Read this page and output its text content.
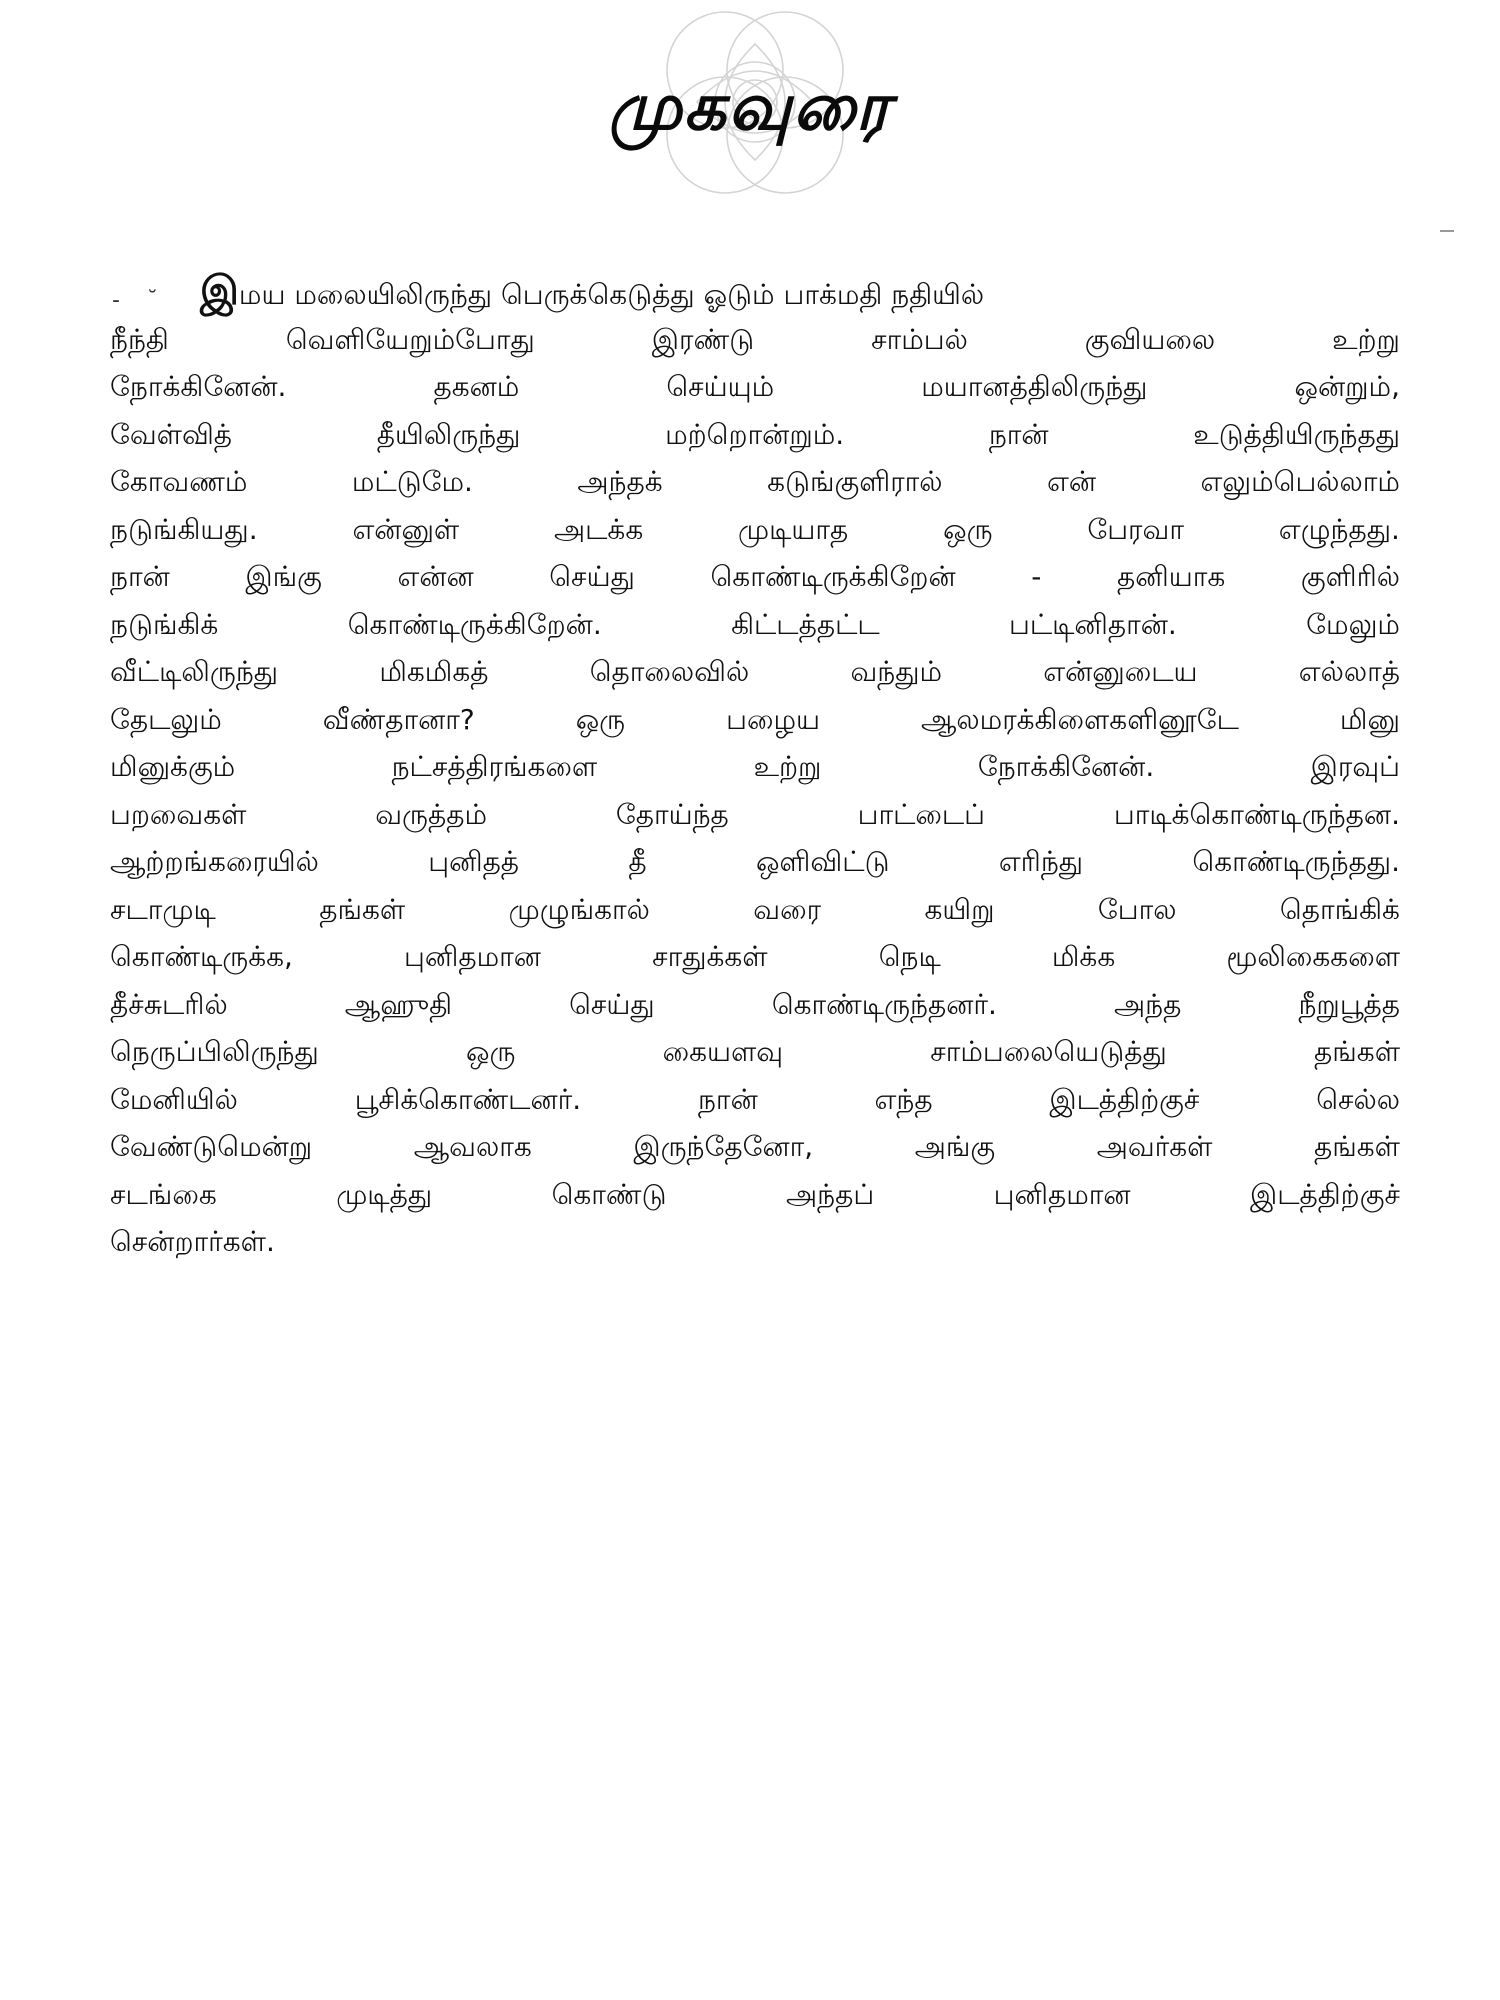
முகவுரை
- ˘ இமய மலையிலிருந்து பெருக்கெடுத்து ஓடும் பாக்மதி நதியில்
நீந்தி	வெளியேறும்போது	இரண்டு	சாம்பல்	குவியலை	உற்று
நோக்கினேன்.	தகனம்	செய்யும்	மயானத்திலிருந்து	ஒன்றும்,
வேள்வித்	தீயிலிருந்து	மற்றொன்றும்.	நான்	உடுத்தியிருந்தது
கோவணம்	மட்டுமே.	அந்தக்	கடுங்குளிரால்	என்	எலும்பெல்லாம்
நடுங்கியது.	என்னுள்	அடக்க	முடியாத	ஒரு	பேரவா	எழுந்தது.
நான்	இங்கு	என்ன	செய்து	கொண்டிருக்கிறேன்	-	தனியாக	குளிரில்
நடுங்கிக்	கொண்டிருக்கிறேன்.	கிட்டத்தட்ட	பட்டினிதான்.	மேலும்
வீட்டிலிருந்து	மிகமிகத்	தொலைவில்	வந்தும்	என்னுடைய	எல்லாத்
தேடலும்	வீண்தானா?	ஒரு	பழைய	ஆலமரக்கிளைகளினூடே	மினு
மினுக்கும்	நட்சத்திரங்களை	உற்று	நோக்கினேன்.	இரவுப்
பறவைகள்	வருத்தம்	தோய்ந்த	பாட்டைப்	பாடிக்கொண்டிருந்தன.
ஆற்றங்கரையில்	புனிதத்	தீ	ஒளிவிட்டு	எரிந்து	கொண்டிருந்தது.
சடாமுடி	தங்கள்	முழுங்கால்	வரை	கயிறு	போல	தொங்கிக்
கொண்டிருக்க,	புனிதமான	சாதுக்கள்	நெடி	மிக்க	மூலிகைகளை
தீச்சுடரில்	ஆஹுதி	செய்து	கொண்டிருந்தனர்.	அந்த	நீறுபூத்த
நெருப்பிலிருந்து	ஒரு	கையளவு	சாம்பலையெடுத்து	தங்கள்
மேனியில்	பூசிக்கொண்டனர்.	நான்	எந்த	இடத்திற்குச்	செல்ல
வேண்டுமென்று	ஆவலாக	இருந்தேனோ,	அங்கு	அவர்கள்	தங்கள்
சடங்கை	முடித்து	கொண்டு	அந்தப்	புனிதமான	இடத்திற்குச்
சென்றார்கள்.
